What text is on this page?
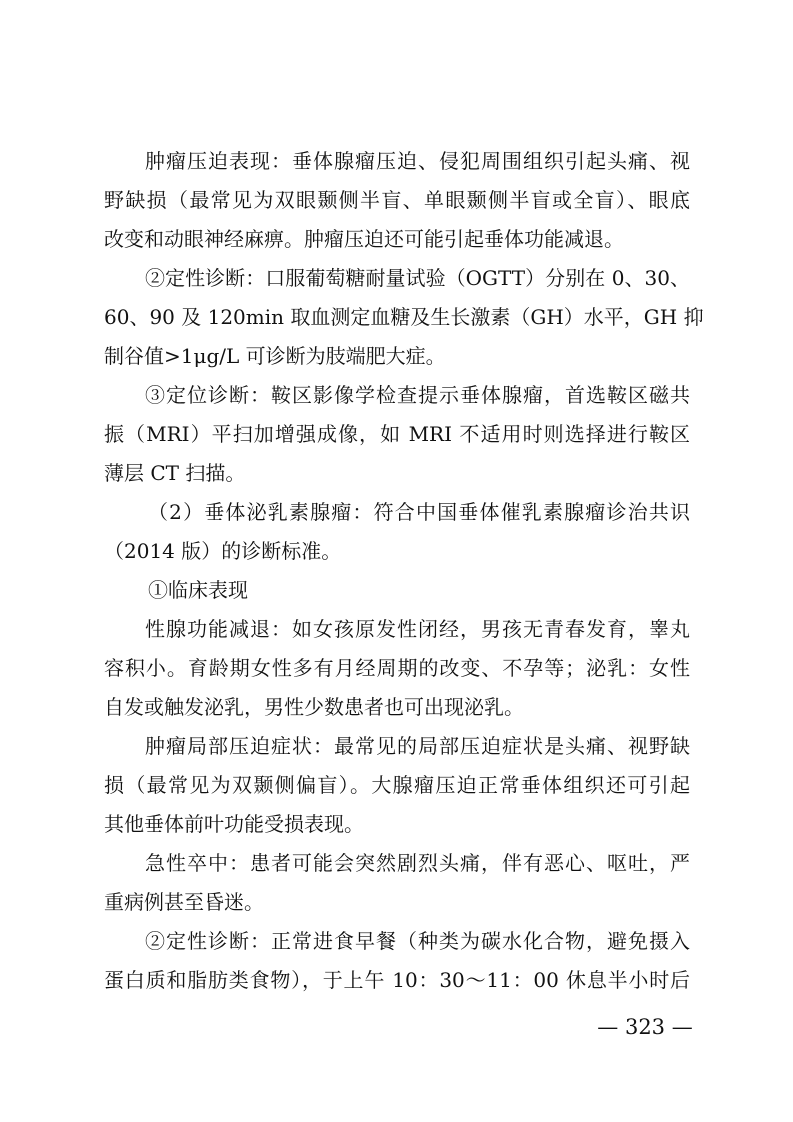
肿瘤压迫表现：垂体腺瘤压迫、侵犯周围组织引起头痛、视
野缺损（最常见为双眼颞侧半盲、单眼颞侧半盲或全盲）、眼底
改变和动眼神经麻痹。肿瘤压迫还可能引起垂体功能减退。
②定性诊断：口服葡萄糖耐量试验（OGTT）分别在 0、30、
60、90 及 120min 取血测定血糖及生长激素（GH）水平，GH 抑
制谷值>1μg/L 可诊断为肢端肥大症。
③定位诊断：鞍区影像学检查提示垂体腺瘤，首选鞍区磁共
振（MRI）平扫加增强成像，如 MRI 不适用时则选择进行鞍区
薄层 CT 扫描。
（2）垂体泌乳素腺瘤：符合中国垂体催乳素腺瘤诊治共识
（2014 版）的诊断标准。
①临床表现
性腺功能减退：如女孩原发性闭经，男孩无青春发育，睾丸
容积小。育龄期女性多有月经周期的改变、不孕等；泌乳：女性
自发或触发泌乳，男性少数患者也可出现泌乳。
肿瘤局部压迫症状：最常见的局部压迫症状是头痛、视野缺
损（最常见为双颞侧偏盲）。大腺瘤压迫正常垂体组织还可引起
其他垂体前叶功能受损表现。
急性卒中：患者可能会突然剧烈头痛，伴有恶心、呕吐，严
重病例甚至昏迷。
②定性诊断：正常进食早餐（种类为碳水化合物，避免摄入
蛋白质和脂肪类食物），于上午 10：30～11：00 休息半小时后
— 323 —
